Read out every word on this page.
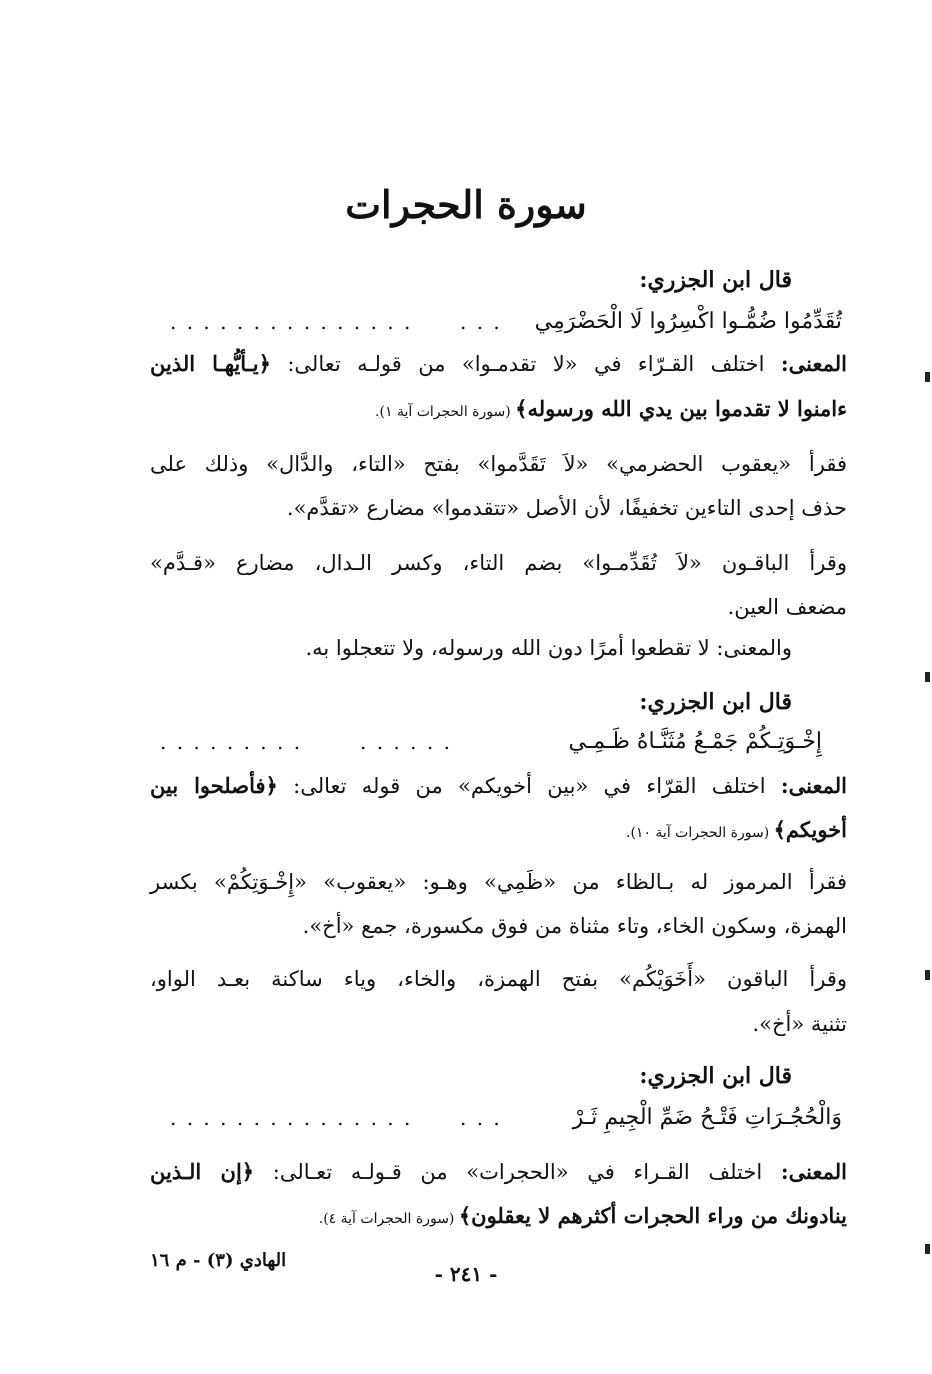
سورة الحجرات
قال ابن الجزري:
تُقَدِّمُوا ضُمُّـوا اكْسِرُوا لَا الْحَضْرَمِي
. . .
. . . . . . . . . . . . . . .
المعنى: اختلف القـرّاء في «لا تقدمـوا» من قولـه تعالى: ﴿يـأيُّهـا الذين
ءامنوا لا تقدموا بين يدي الله ورسوله﴾ (سورة الحجرات آية ١).
فقرأ «يعقوب الحضرمي» «لاَ تَقَدَّموا» بفتح «التاء، والدَّال» وذلك على
حذف إحدى التاءين تخفيفًا، لأن الأصل «تتقدموا» مضارع «تقدَّم».
وقرأ الباقـون «لاَ تُقَدِّمـوا» بضم التاء، وكسر الـدال، مضارع «قـدَّم»
مضعف العين.
والمعنى: لا تقطعوا أمرًا دون الله ورسوله، ولا تتعجلوا به.
قال ابن الجزري:
إِخْـوَتِـكُمْ جَمْـعُ مُثَنَّـاهُ ظَـمِـي
. . . . . .
. . . . . . . . .
المعنى: اختلف القرّاء في «بين أخويكم» من قوله تعالى: ﴿فأصلحوا بين
أخويكم﴾ (سورة الحجرات آية ١٠).
فقرأ المرموز له بـالظاء من «ظَمِي» وهـو: «يعقوب» «إِخْـوَتِكُمْ» بكسر
الهمزة، وسكون الخاء، وتاء مثناة من فوق مكسورة، جمع «أخ».
وقرأ الباقون «أَخَوَيْكُم» بفتح الهمزة، والخاء، وياء ساكنة بعـد الواو،
تثنية «أخ».
قال ابن الجزري:
وَالْحُجُـرَاتِ فَتْـحُ ضَمِّ الْجِيمِ ثَـرْ
. . .
. . . . . . . . . . . . . . .
المعنى: اختلف القـراء في «الحجرات» من قـولـه تعـالى: ﴿إن الـذين
ينادونك من وراء الحجرات أكثرهم لا يعقلون﴾ (سورة الحجرات آية ٤).
الهادي (٣) - م ١٦
- ٢٤١ -
